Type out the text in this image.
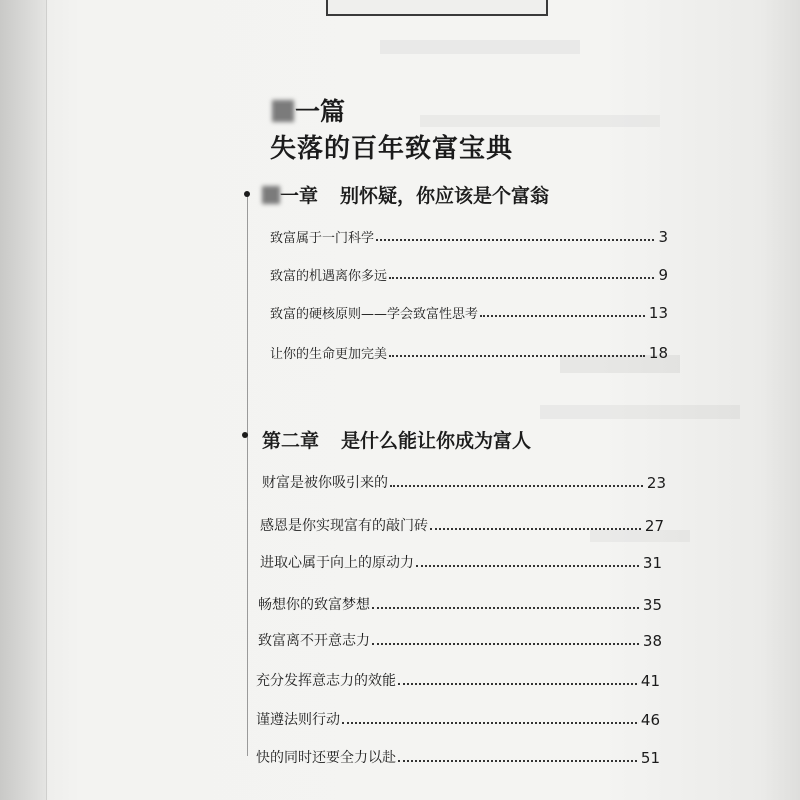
一篇
失落的百年致富宝典
一章 别怀疑，你应该是个富翁
致富属于一门科学	3
致富的机遇离你多远	9
致富的硬核原则——学会致富性思考	13
让你的生命更加完美	18
第二章 是什么能让你成为富人
财富是被你吸引来的	23
感恩是你实现富有的敲门砖	27
进取心属于向上的原动力	31
畅想你的致富梦想	35
致富离不开意志力	38
充分发挥意志力的效能	41
谨遵法则行动	46
快的同时还要全力以赴	51
